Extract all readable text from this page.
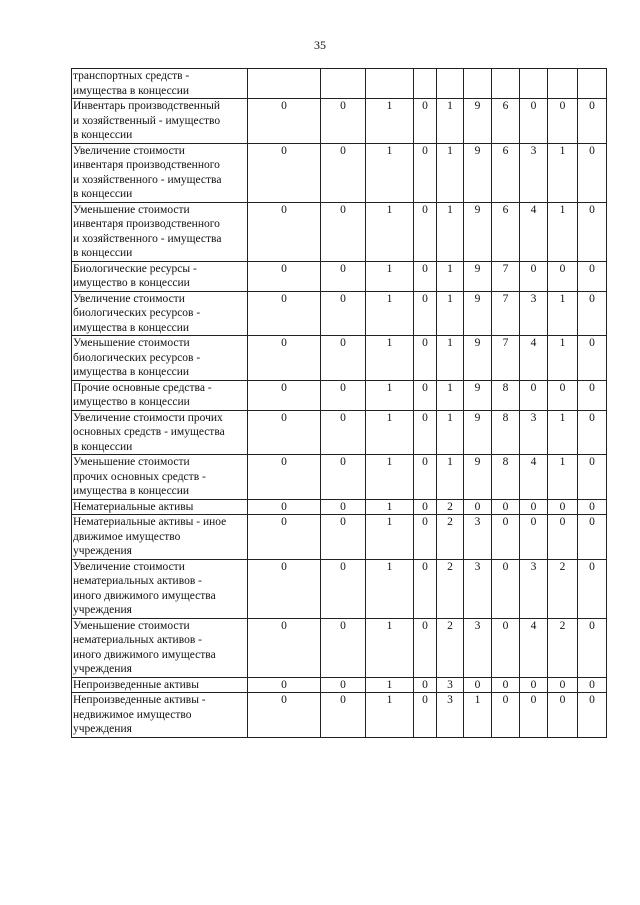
35
транспортных средств -
имущества в концессии										

Инвентарь производственный
и хозяйственный - имущество
в концессии	0	0	1	0	1	9	6	0	0	0

Увеличение стоимости
инвентаря производственного
и хозяйственного - имущества
в концессии	0	0	1	0	1	9	6	3	1	0

Уменьшение стоимости
инвентаря производственного
и хозяйственного - имущества
в концессии	0	0	1	0	1	9	6	4	1	0

Биологические ресурсы -
имущество в концессии	0	0	1	0	1	9	7	0	0	0

Увеличение стоимости
биологических ресурсов -
имущества в концессии	0	0	1	0	1	9	7	3	1	0

Уменьшение стоимости
биологических ресурсов -
имущества в концессии	0	0	1	0	1	9	7	4	1	0

Прочие основные средства -
имущество в концессии	0	0	1	0	1	9	8	0	0	0

Увеличение стоимости прочих
основных средств - имущества
в концессии	0	0	1	0	1	9	8	3	1	0

Уменьшение стоимости
прочих основных средств -
имущества в концессии	0	0	1	0	1	9	8	4	1	0

Нематериальные активы	0	0	1	0	2	0	0	0	0	0

Нематериальные активы - иное
движимое имущество
учреждения	0	0	1	0	2	3	0	0	0	0

Увеличение стоимости
нематериальных активов -
иного движимого имущества
учреждения	0	0	1	0	2	3	0	3	2	0

Уменьшение стоимости
нематериальных активов -
иного движимого имущества
учреждения	0	0	1	0	2	3	0	4	2	0

Непроизведенные активы	0	0	1	0	3	0	0	0	0	0

Непроизведенные активы -
недвижимое имущество
учреждения	0	0	1	0	3	1	0	0	0	0
